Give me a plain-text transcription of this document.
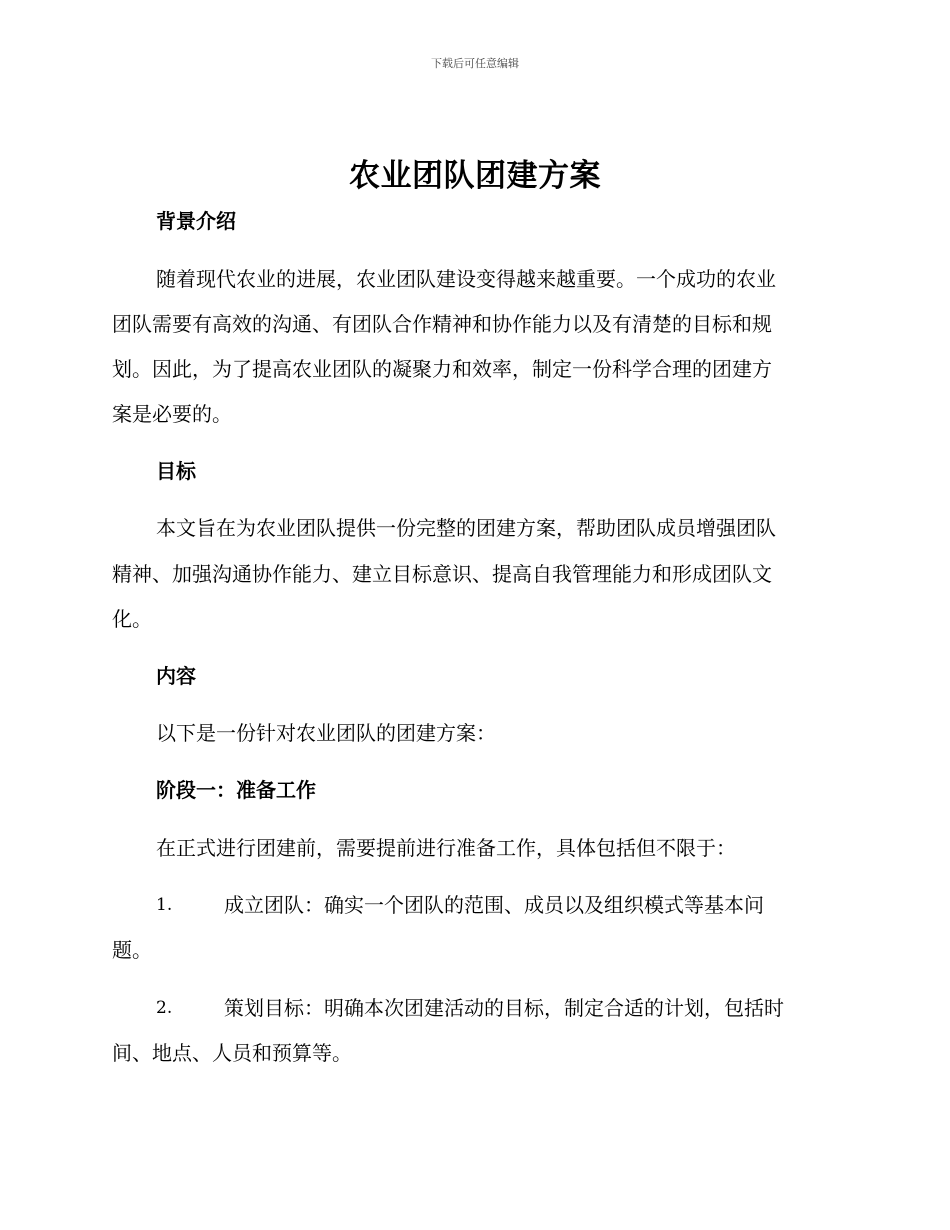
下载后可任意编辑
农业团队团建方案
背景介绍
随着现代农业的进展，农业团队建设变得越来越重要。一个成功的农业
团队需要有高效的沟通、有团队合作精神和协作能力以及有清楚的目标和规
划。因此，为了提高农业团队的凝聚力和效率，制定一份科学合理的团建方
案是必要的。
目标
本文旨在为农业团队提供一份完整的团建方案，帮助团队成员增强团队
精神、加强沟通协作能力、建立目标意识、提高自我管理能力和形成团队文
化。
内容
以下是一份针对农业团队的团建方案：
阶段一：准备工作
在正式进行团建前，需要提前进行准备工作，具体包括但不限于：
1.	成立团队：确实一个团队的范围、成员以及组织模式等基本问
题。
2.	策划目标：明确本次团建活动的目标，制定合适的计划，包括时
间、地点、人员和预算等。
